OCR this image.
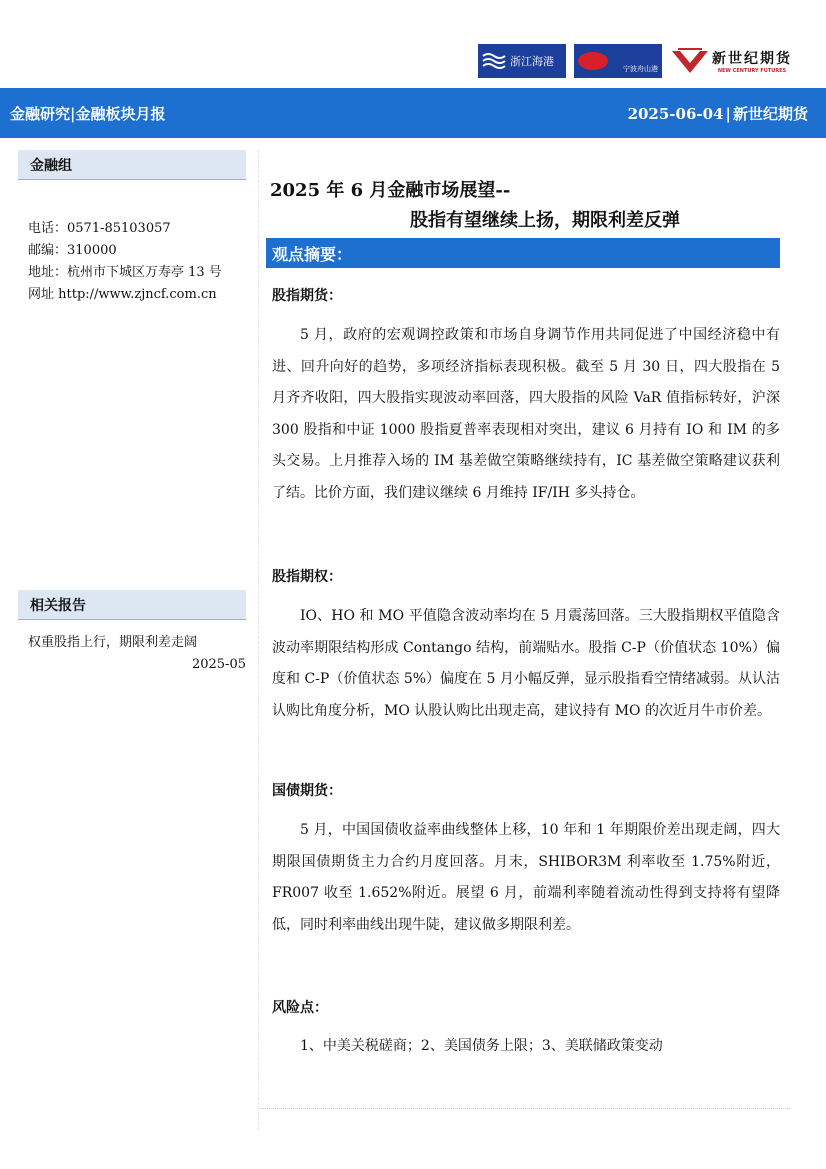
浙江海港
宁波舟山港
新世纪期货
NEW CENTURY FUTURES
金融研究|金融板块月报	2025-06-04 | 新世纪期货
金融组
电话：0571-85103057
邮编：310000
地址：杭州市下城区万寿亭 13 号
网址 http://www.zjncf.com.cn
相关报告
权重股指上行，期限利差走阔
2025-05
2025 年 6 月金融市场展望--
股指有望继续上扬，期限利差反弹
观点摘要：
股指期货：

5 月，政府的宏观调控政策和市场自身调节作用共同促进了中国经济稳中有进、回升向好的趋势，多项经济指标表现积极。截至 5 月 30 日，四大股指在 5 月齐齐收阳，四大股指实现波动率回落，四大股指的风险 VaR 值指标转好，沪深 300 股指和中证 1000 股指夏普率表现相对突出，建议 6 月持有 IO 和 IM 的多头交易。上月推荐入场的 IM 基差做空策略继续持有，IC 基差做空策略建议获利了结。比价方面，我们建议继续 6 月维持 IF/IH 多头持仓。

股指期权：

IO、HO 和 MO 平值隐含波动率均在 5 月震荡回落。三大股指期权平值隐含波动率期限结构形成 Contango 结构，前端贴水。股指 C-P（价值状态 10%）偏度和 C-P（价值状态 5%）偏度在 5 月小幅反弹，显示股指看空情绪减弱。从认沽认购比角度分析，MO 认股认购比出现走高，建议持有 MO 的次近月牛市价差。

国债期货：

5 月，中国国债收益率曲线整体上移，10 年和 1 年期限价差出现走阔，四大期限国债期货主力合约月度回落。月末，SHIBOR3M 利率收至 1.75%附近，FR007 收至 1.652%附近。展望 6 月，前端利率随着流动性得到支持将有望降低，同时利率曲线出现牛陡，建议做多期限利差。

风险点：

1、中美关税磋商；2、美国债务上限；3、美联储政策变动
